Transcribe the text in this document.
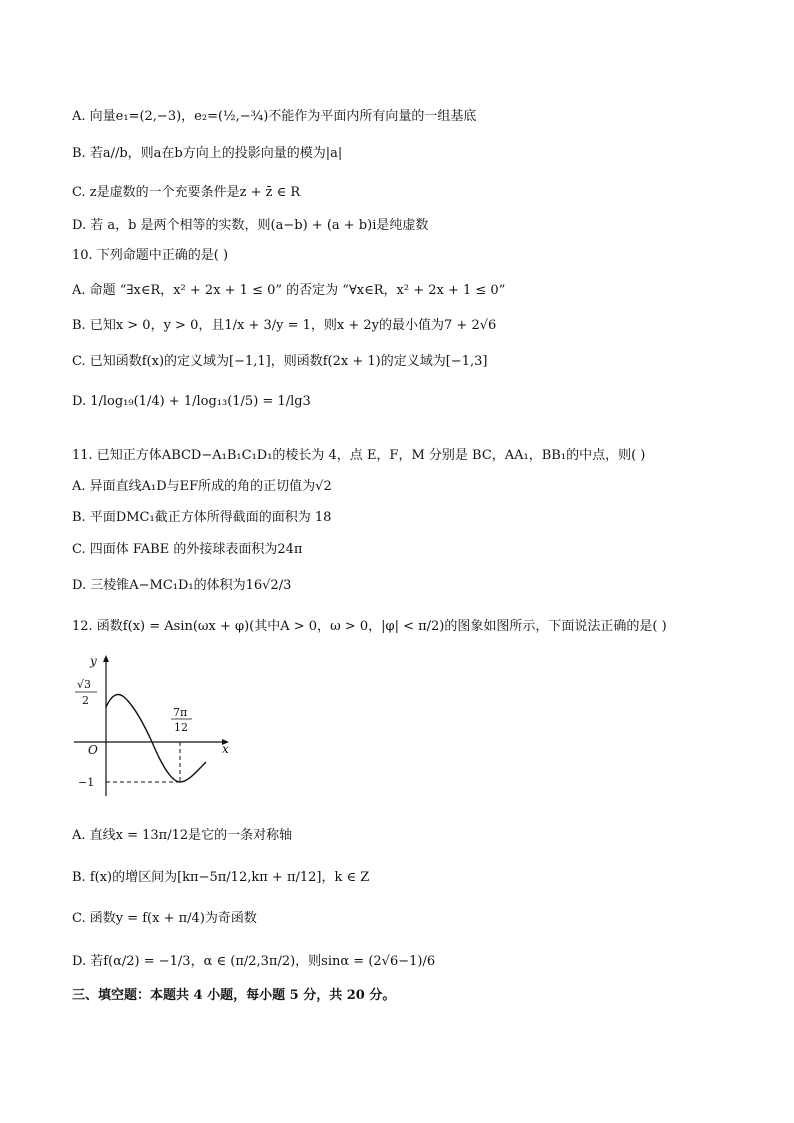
A. 向量e₁=(2,−3)，e₂=(½,−¾)不能作为平面内所有向量的一组基底
B. 若a//b，则a在b方向上的投影向量的模为|a|
C. z是虚数的一个充要条件是z + z̄ ∈ R
D. 若 a，b 是两个相等的实数，则(a−b) + (a + b)i是纯虚数
10. 下列命题中正确的是( )
A. 命题 “∃x∈R，x² + 2x + 1 ≤ 0” 的否定为 “∀x∈R，x² + 2x + 1 ≤ 0”
B. 已知x > 0，y > 0，且1/x + 3/y = 1，则x + 2y的最小值为7 + 2√6
C. 已知函数f(x)的定义域为[−1,1]，则函数f(2x + 1)的定义域为[−1,3]
D. 1/log₁₉(1/4) + 1/log₁₃(1/5) = 1/lg3
11. 已知正方体ABCD−A₁B₁C₁D₁的棱长为 4，点 E，F，M 分别是 BC，AA₁，BB₁的中点，则( )
A. 异面直线A₁D与EF所成的角的正切值为√2
B. 平面DMC₁截正方体所得截面的面积为 18
C. 四面体 FABE 的外接球表面积为24π
D. 三棱锥A−MC₁D₁的体积为16√2/3
12. 函数f(x) = Asin(ωx + φ)(其中A > 0，ω > 0，|φ| < π/2)的图象如图所示，下面说法正确的是( )
y
x
O
√3
2
−1
7π
12
A. 直线x = 13π/12是它的一条对称轴
B. f(x)的增区间为[kπ−5π/12,kπ + π/12]，k ∈ Z
C. 函数y = f(x + π/4)为奇函数
D. 若f(α/2) = −1/3，α ∈ (π/2,3π/2)，则sinα = (2√6−1)/6
三、填空题：本题共 4 小题，每小题 5 分，共 20 分。
